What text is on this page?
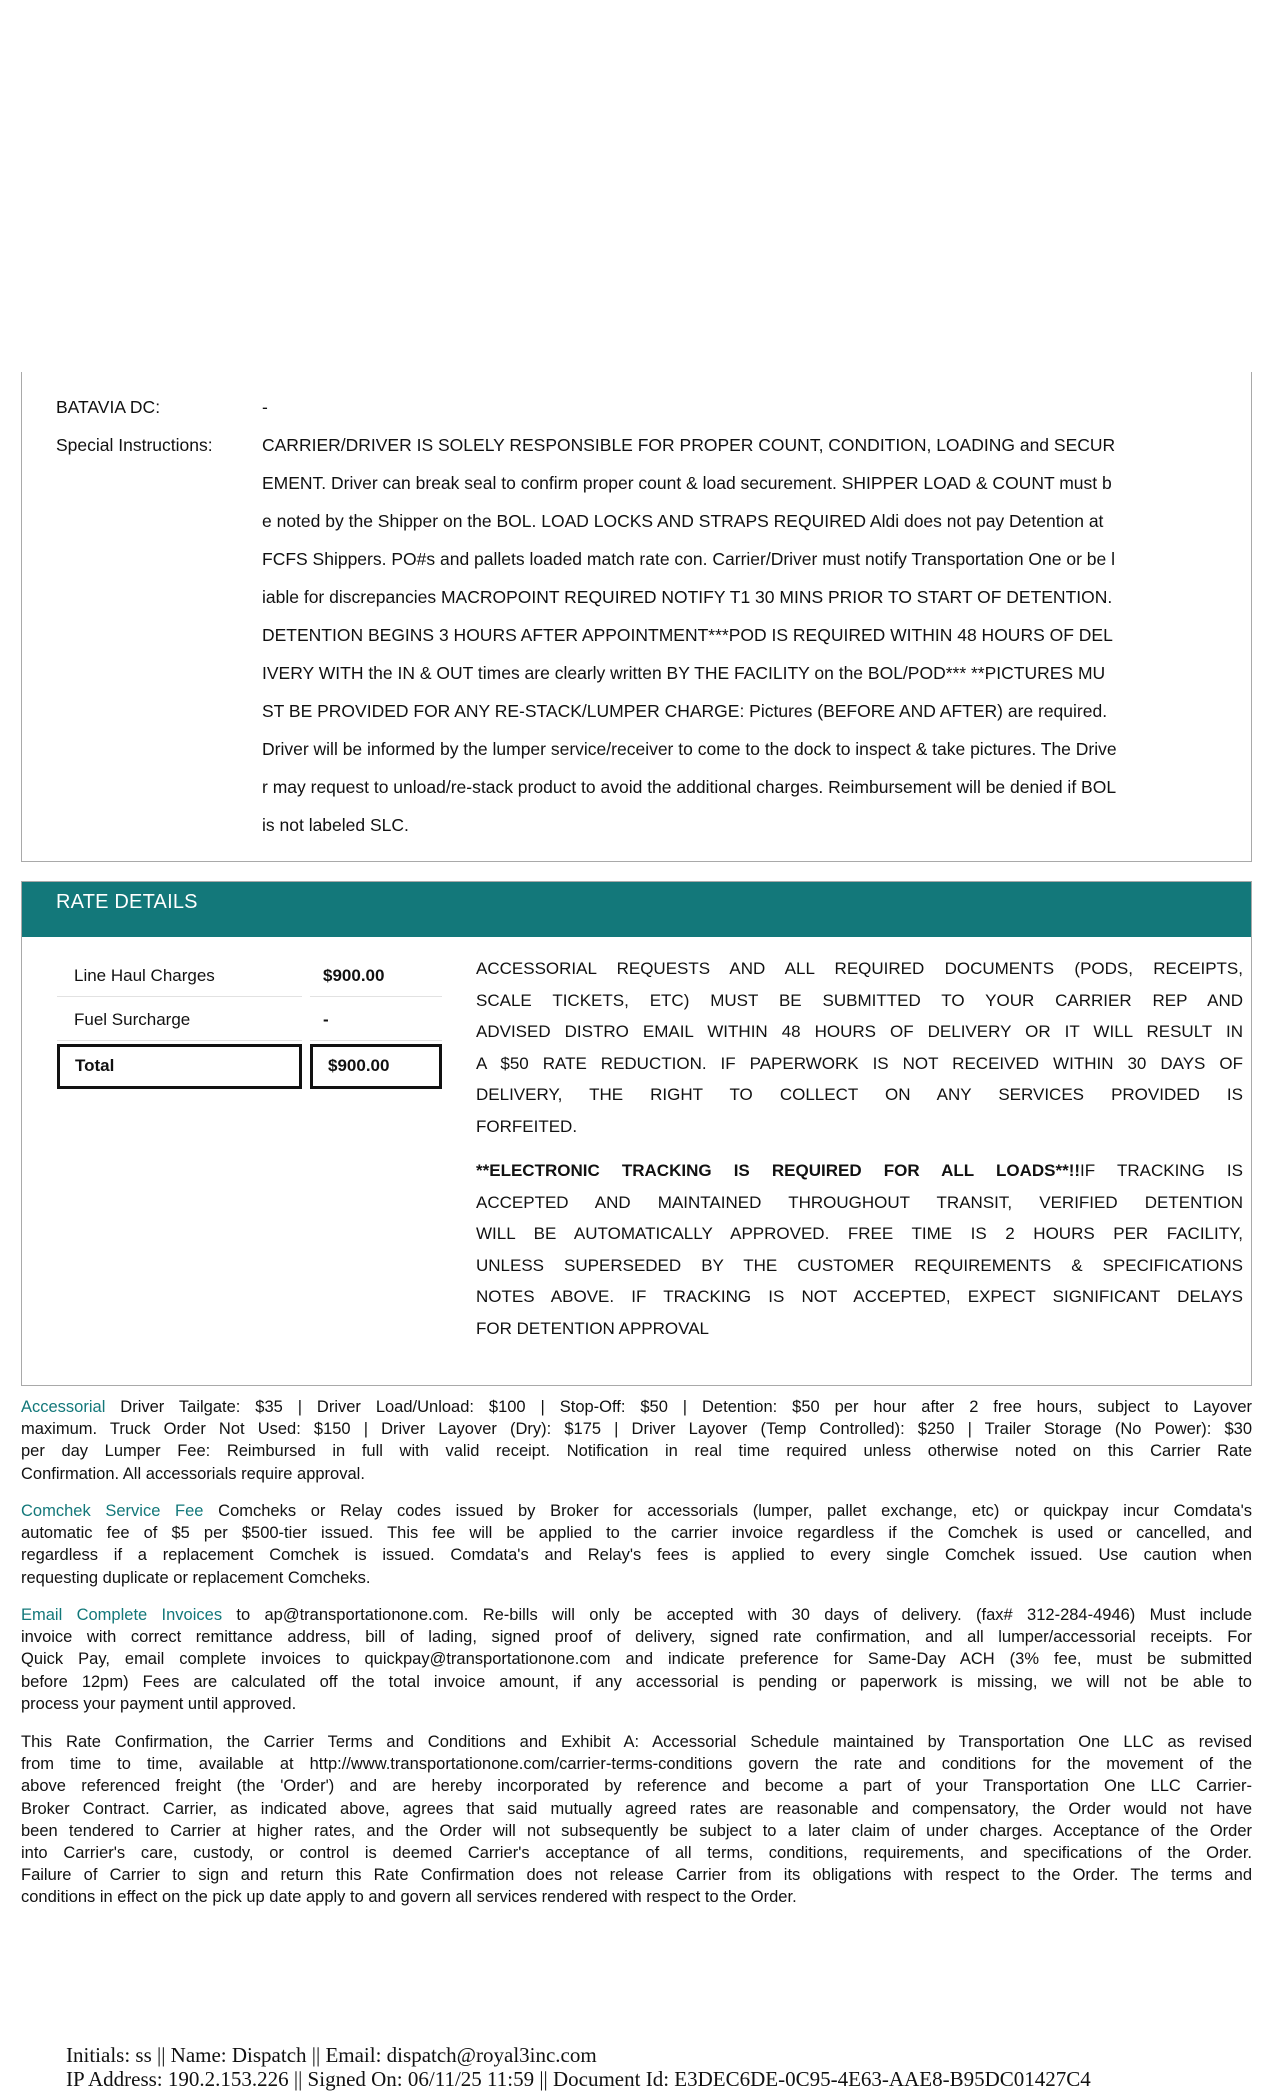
BATAVIA DC:	-
Special Instructions:	CARRIER/DRIVER IS SOLELY RESPONSIBLE FOR PROPER COUNT, CONDITION, LOADING and SECUR
EMENT. Driver can break seal to confirm proper count & load securement. SHIPPER LOAD & COUNT must b
e noted by the Shipper on the BOL. LOAD LOCKS AND STRAPS REQUIRED Aldi does not pay Detention at
FCFS Shippers. PO#s and pallets loaded match rate con. Carrier/Driver must notify Transportation One or be l
iable for discrepancies MACROPOINT REQUIRED NOTIFY T1 30 MINS PRIOR TO START OF DETENTION.
DETENTION BEGINS 3 HOURS AFTER APPOINTMENT***POD IS REQUIRED WITHIN 48 HOURS OF DEL
IVERY WITH the IN & OUT times are clearly written BY THE FACILITY on the BOL/POD*** **PICTURES MU
ST BE PROVIDED FOR ANY RE-STACK/LUMPER CHARGE: Pictures (BEFORE AND AFTER) are required.
Driver will be informed by the lumper service/receiver to come to the dock to inspect & take pictures. The Drive
r may request to unload/re-stack product to avoid the additional charges. Reimbursement will be denied if BOL
is not labeled SLC.
RATE DETAILS
Line Haul Charges	$900.00
Fuel Surcharge	-
Total	$900.00
ACCESSORIAL REQUESTS AND ALL REQUIRED DOCUMENTS (PODS, RECEIPTS,
SCALE TICKETS, ETC) MUST BE SUBMITTED TO YOUR CARRIER REP AND
ADVISED DISTRO EMAIL WITHIN 48 HOURS OF DELIVERY OR IT WILL RESULT IN
A $50 RATE REDUCTION. IF PAPERWORK IS NOT RECEIVED WITHIN 30 DAYS OF
DELIVERY, THE RIGHT TO COLLECT ON ANY SERVICES PROVIDED IS
FORFEITED.
**ELECTRONIC TRACKING IS REQUIRED FOR ALL LOADS**!!IF TRACKING IS
ACCEPTED AND MAINTAINED THROUGHOUT TRANSIT, VERIFIED DETENTION
WILL BE AUTOMATICALLY APPROVED. FREE TIME IS 2 HOURS PER FACILITY,
UNLESS SUPERSEDED BY THE CUSTOMER REQUIREMENTS & SPECIFICATIONS
NOTES ABOVE. IF TRACKING IS NOT ACCEPTED, EXPECT SIGNIFICANT DELAYS
FOR DETENTION APPROVAL
Accessorial Driver Tailgate: $35 | Driver Load/Unload: $100 | Stop-Off: $50 | Detention: $50 per hour after 2 free hours, subject to Layover
maximum. Truck Order Not Used: $150 | Driver Layover (Dry): $175 | Driver Layover (Temp Controlled): $250 | Trailer Storage (No Power): $30
per day Lumper Fee: Reimbursed in full with valid receipt. Notification in real time required unless otherwise noted on this Carrier Rate
Confirmation. All accessorials require approval.
Comchek Service Fee Comcheks or Relay codes issued by Broker for accessorials (lumper, pallet exchange, etc) or quickpay incur Comdata's
automatic fee of $5 per $500-tier issued. This fee will be applied to the carrier invoice regardless if the Comchek is used or cancelled, and
regardless if a replacement Comchek is issued. Comdata's and Relay's fees is applied to every single Comchek issued. Use caution when
requesting duplicate or replacement Comcheks.
Email Complete Invoices to ap@transportationone.com. Re-bills will only be accepted with 30 days of delivery. (fax# 312-284-4946) Must include
invoice with correct remittance address, bill of lading, signed proof of delivery, signed rate confirmation, and all lumper/accessorial receipts. For
Quick Pay, email complete invoices to quickpay@transportationone.com and indicate preference for Same-Day ACH (3% fee, must be submitted
before 12pm) Fees are calculated off the total invoice amount, if any accessorial is pending or paperwork is missing, we will not be able to
process your payment until approved.
This Rate Confirmation, the Carrier Terms and Conditions and Exhibit A: Accessorial Schedule maintained by Transportation One LLC as revised
from time to time, available at http://www.transportationone.com/carrier-terms-conditions govern the rate and conditions for the movement of the
above referenced freight (the 'Order') and are hereby incorporated by reference and become a part of your Transportation One LLC Carrier-
Broker Contract. Carrier, as indicated above, agrees that said mutually agreed rates are reasonable and compensatory, the Order would not have
been tendered to Carrier at higher rates, and the Order will not subsequently be subject to a later claim of under charges. Acceptance of the Order
into Carrier's care, custody, or control is deemed Carrier's acceptance of all terms, conditions, requirements, and specifications of the Order.
Failure of Carrier to sign and return this Rate Confirmation does not release Carrier from its obligations with respect to the Order. The terms and
conditions in effect on the pick up date apply to and govern all services rendered with respect to the Order.
Initials: ss || Name: Dispatch || Email: dispatch@royal3inc.com
IP Address: 190.2.153.226 || Signed On: 06/11/25 11:59 || Document Id: E3DEC6DE-0C95-4E63-AAE8-B95DC01427C4
